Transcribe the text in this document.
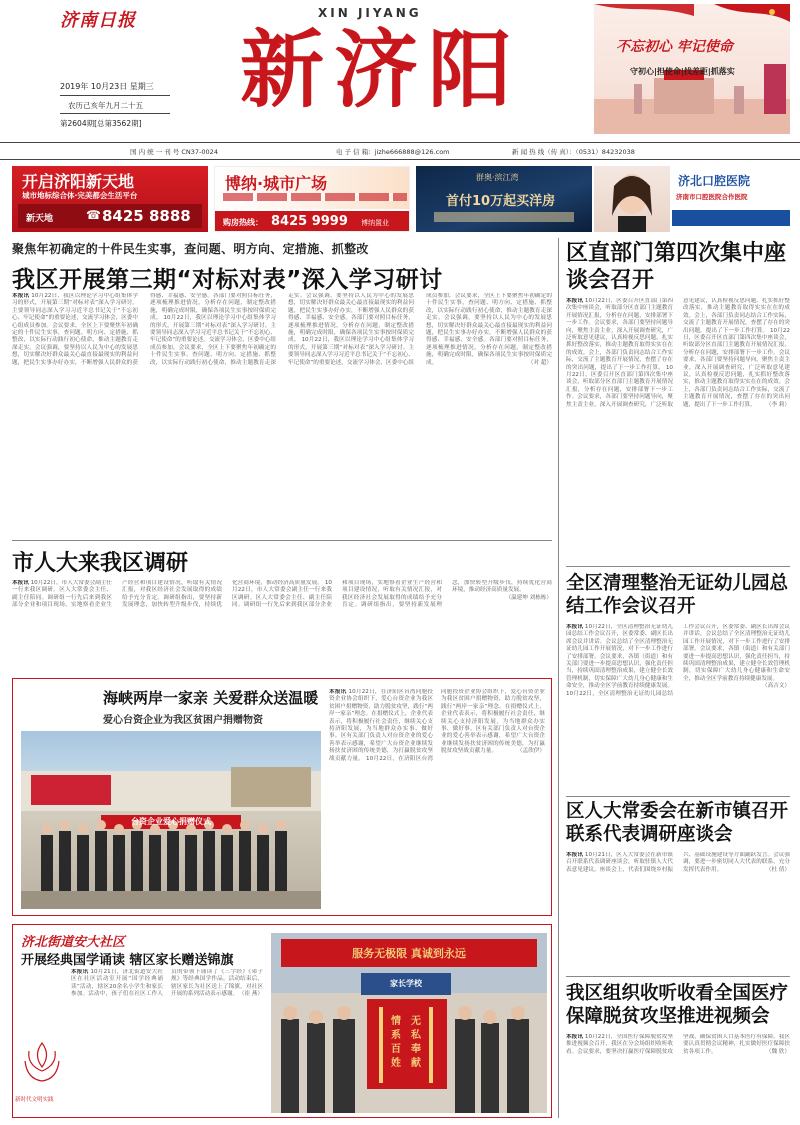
济南日报	XIN JIYANG
新济阳
2019年 10月23日 星期三
农历己亥年九月二十五
第2604期[总第3562期]
不忘初心 牢记使命
守初心|担使命|找差距|抓落实
国 内 统 一 刊 号 CN37-0024	电 子 信 箱：jizhe666888@126.com	新 闻 热 线（传 真）：（0531）84232038
开启济阳新天地
城市地标综合体·完美都会生活平台
新天地	☎ 8425 8888
博纳·城市广场
购房热线： 8425 9999 博纳置业
群奥·滨江湾
首付10万起买洋房
济北口腔医院
济南市口腔医院合作医院
聚焦年初确定的十件民生实事，查问题、明方向、定措施、抓整改
我区开展第三期“对标对表”深入学习研讨
本报讯 10月22日，我区以理论学习中心组集体学习的形式，开展第三期“对标对表”深入学习研讨。主要领导同志深入学习习近平总书记关于“不忘初心、牢记使命”的重要论述，交流学习体会，区委中心组成员参加。会议要求，全区上下要聚焦年初确定的十件民生实事，查问题、明方向、定措施、抓整改，以实际行动践行初心使命，推动主题教育走深走实。会议强调，要坚持以人民为中心的发展思想，切实解决好群众最关心最直接最现实的利益问题，把民生实事办好办实，不断增强人民群众的获得感、幸福感、安全感。各部门要对照目标任务，逐项梳理推进情况，分析存在问题，制定整改措施，明确完成时限，确保各项民生实事按时保质完成。 10月22日，我区以理论学习中心组集体学习的形式，开展第三期“对标对表”深入学习研讨。主要领导同志深入学习习近平总书记关于“不忘初心、牢记使命”的重要论述，交流学习体会，区委中心组成员参加。会议要求，全区上下要聚焦年初确定的十件民生实事，查问题、明方向、定措施、抓整改，以实际行动践行初心使命，推动主题教育走深走实。会议强调，要坚持以人民为中心的发展思想，切实解决好群众最关心最直接最现实的利益问题，把民生实事办好办实，不断增强人民群众的获得感、幸福感、安全感。各部门要对照目标任务，逐项梳理推进情况，分析存在问题，制定整改措施，明确完成时限，确保各项民生实事按时保质完成。 10月22日，我区以理论学习中心组集体学习的形式，开展第三期“对标对表”深入学习研讨。主要领导同志深入学习习近平总书记关于“不忘初心、牢记使命”的重要论述，交流学习体会，区委中心组成员参加。会议要求，全区上下要聚焦年初确定的十件民生实事，查问题、明方向、定措施、抓整改，以实际行动践行初心使命，推动主题教育走深走实。会议强调，要坚持以人民为中心的发展思想，切实解决好群众最关心最直接最现实的利益问题，把民生实事办好办实，不断增强人民群众的获得感、幸福感、安全感。各部门要对照目标任务，逐项梳理推进情况，分析存在问题，制定整改措施，明确完成时限，确保各项民生实事按时保质完成。	（对 超）
区直部门第四次集中座谈会召开
本报讯 10月22日，区委召开区直部门第四次集中座谈会，听取部分区直部门主题教育开展情况汇报，分析存在问题，安排部署下一步工作。会议要求，各部门要坚持问题导向，聚焦主责主业，深入开展调查研究，广泛听取意见建议，认真检视反思问题，扎实抓好整改落实，推动主题教育取得实实在在的成效。会上，各部门负责同志结合工作实际，交流了主题教育开展情况，查摆了存在的突出问题，提出了下一步工作打算。 10月22日，区委召开区直部门第四次集中座谈会，听取部分区直部门主题教育开展情况汇报，分析存在问题，安排部署下一步工作。会议要求，各部门要坚持问题导向，聚焦主责主业，深入开展调查研究，广泛听取意见建议，认真检视反思问题，扎实抓好整改落实，推动主题教育取得实实在在的成效。会上，各部门负责同志结合工作实际，交流了主题教育开展情况，查摆了存在的突出问题，提出了下一步工作打算。 10月22日，区委召开区直部门第四次集中座谈会，听取部分区直部门主题教育开展情况汇报，分析存在问题，安排部署下一步工作。会议要求，各部门要坚持问题导向，聚焦主责主业，深入开展调查研究，广泛听取意见建议，认真检视反思问题，扎实抓好整改落实，推动主题教育取得实实在在的成效。会上，各部门负责同志结合工作实际，交流了主题教育开展情况，查摆了存在的突出问题，提出了下一步工作打算。 （李 莉）
市人大来我区调研
本报讯 10月22日，市人大常委会副主任一行来我区调研。区人大常委会主任、副主任陪同。调研组一行先后来到我区部分企业和项目现场，实地察看企业生产经营和项目建设情况，听取有关情况汇报，对我区经济社会发展取得的成绩给予充分肯定。调研组指出，要坚持新发展理念，加快转型升级步伐，持续优化营商环境，推动经济高质量发展。 10月22日，市人大常委会副主任一行来我区调研。区人大常委会主任、副主任陪同。调研组一行先后来到我区部分企业和项目现场，实地察看企业生产经营和项目建设情况，听取有关情况汇报，对我区经济社会发展取得的成绩给予充分肯定。调研组指出，要坚持新发展理念，加快转型升级步伐，持续优化营商环境，推动经济高质量发展。
（温建坤 刘栋栋）
海峡两岸一家亲 关爱群众送温暖
爱心台资企业为我区贫困户捐赠物资
台资企业爱心捐赠仪式
本报讯 10月22日，在济阳区台湾同胞投资企业协会组织下，爱心台资企业为我区贫困户捐赠物资，助力脱贫攻坚，践行“两岸一家亲”理念。在捐赠仪式上，企业代表表示，将积极履行社会责任，继续关心支持济阳发展，为当地群众办实事、做好事。区有关部门负责人对台资企业的爱心善举表示感谢，希望广大台资企业继续发扬扶贫济困的传统美德，为打赢脱贫攻坚战贡献力量。 10月22日，在济阳区台湾同胞投资企业协会组织下，爱心台资企业为我区贫困户捐赠物资，助力脱贫攻坚，践行“两岸一家亲”理念。在捐赠仪式上，企业代表表示，将积极履行社会责任，继续关心支持济阳发展，为当地群众办实事、做好事。区有关部门负责人对台资企业的爱心善举表示感谢，希望广大台资企业继续发扬扶贫济困的传统美德，为打赢脱贫攻坚战贡献力量。	（孟欣伊）
济北街道安大社区
开展经典国学诵读 辖区家长赠送锦旗
本报讯 10月21日，济北街道安大社区在社区活动室开展“国学经典诵读”活动，辖区20余名小学生和家长参加。活动中，孩子们在社区工作人员的带领下诵读了《三字经》《弟子规》等经典国学作品。活动结束后，辖区家长为社区送上了锦旗，对社区开展的系列活动表示感谢。 （崔 燕）
新时代文明实践
服务无极限 真诚到永远
家长学校
情系百姓
无私奉献
全区清理整治无证幼儿园总结工作会议召开
本报讯 10月22日，全区清理整治无证幼儿园总结工作会议召开，区委常委、副区长出席会议并讲话。会议总结了全区清理整治无证幼儿园工作开展情况，对下一步工作进行了安排部署。会议要求，各镇（街道）和有关部门要进一步提高思想认识，强化责任担当，持续巩固清理整治成果，建立健全长效管理机制，切实保障广大幼儿身心健康和生命安全，推动全区学前教育持续健康发展。 10月22日，全区清理整治无证幼儿园总结工作会议召开，区委常委、副区长出席会议并讲话。会议总结了全区清理整治无证幼儿园工作开展情况，对下一步工作进行了安排部署。会议要求，各镇（街道）和有关部门要进一步提高思想认识，强化责任担当，持续巩固清理整治成果，建立健全长效管理机制，切实保障广大幼儿身心健康和生命安全，推动全区学前教育持续健康发展。
（高吉文）
区人大常委会在新市镇召开联系代表调研座谈会
本报讯 10月21日，区人大常委会在新市镇召开联系代表调研座谈会，听取驻镇人大代表意见建议。座谈会上，代表们围绕乡村振兴、基础设施建设等方面踊跃发言。会议强调，要进一步密切同人大代表的联系，充分发挥代表作用。	（杜 倩）
我区组织收听收看全国医疗保障脱贫攻坚推进视频会
本报讯 10月22日，全国医疗保障脱贫攻坚推进视频会召开，我区在分会场组织收听收看。会议要求，要坚决打赢医疗保障脱贫攻坚战，确保贫困人口基本医疗有保障。我区要认真贯彻会议精神，扎实做好医疗保障扶贫各项工作。	（魏 欣）
